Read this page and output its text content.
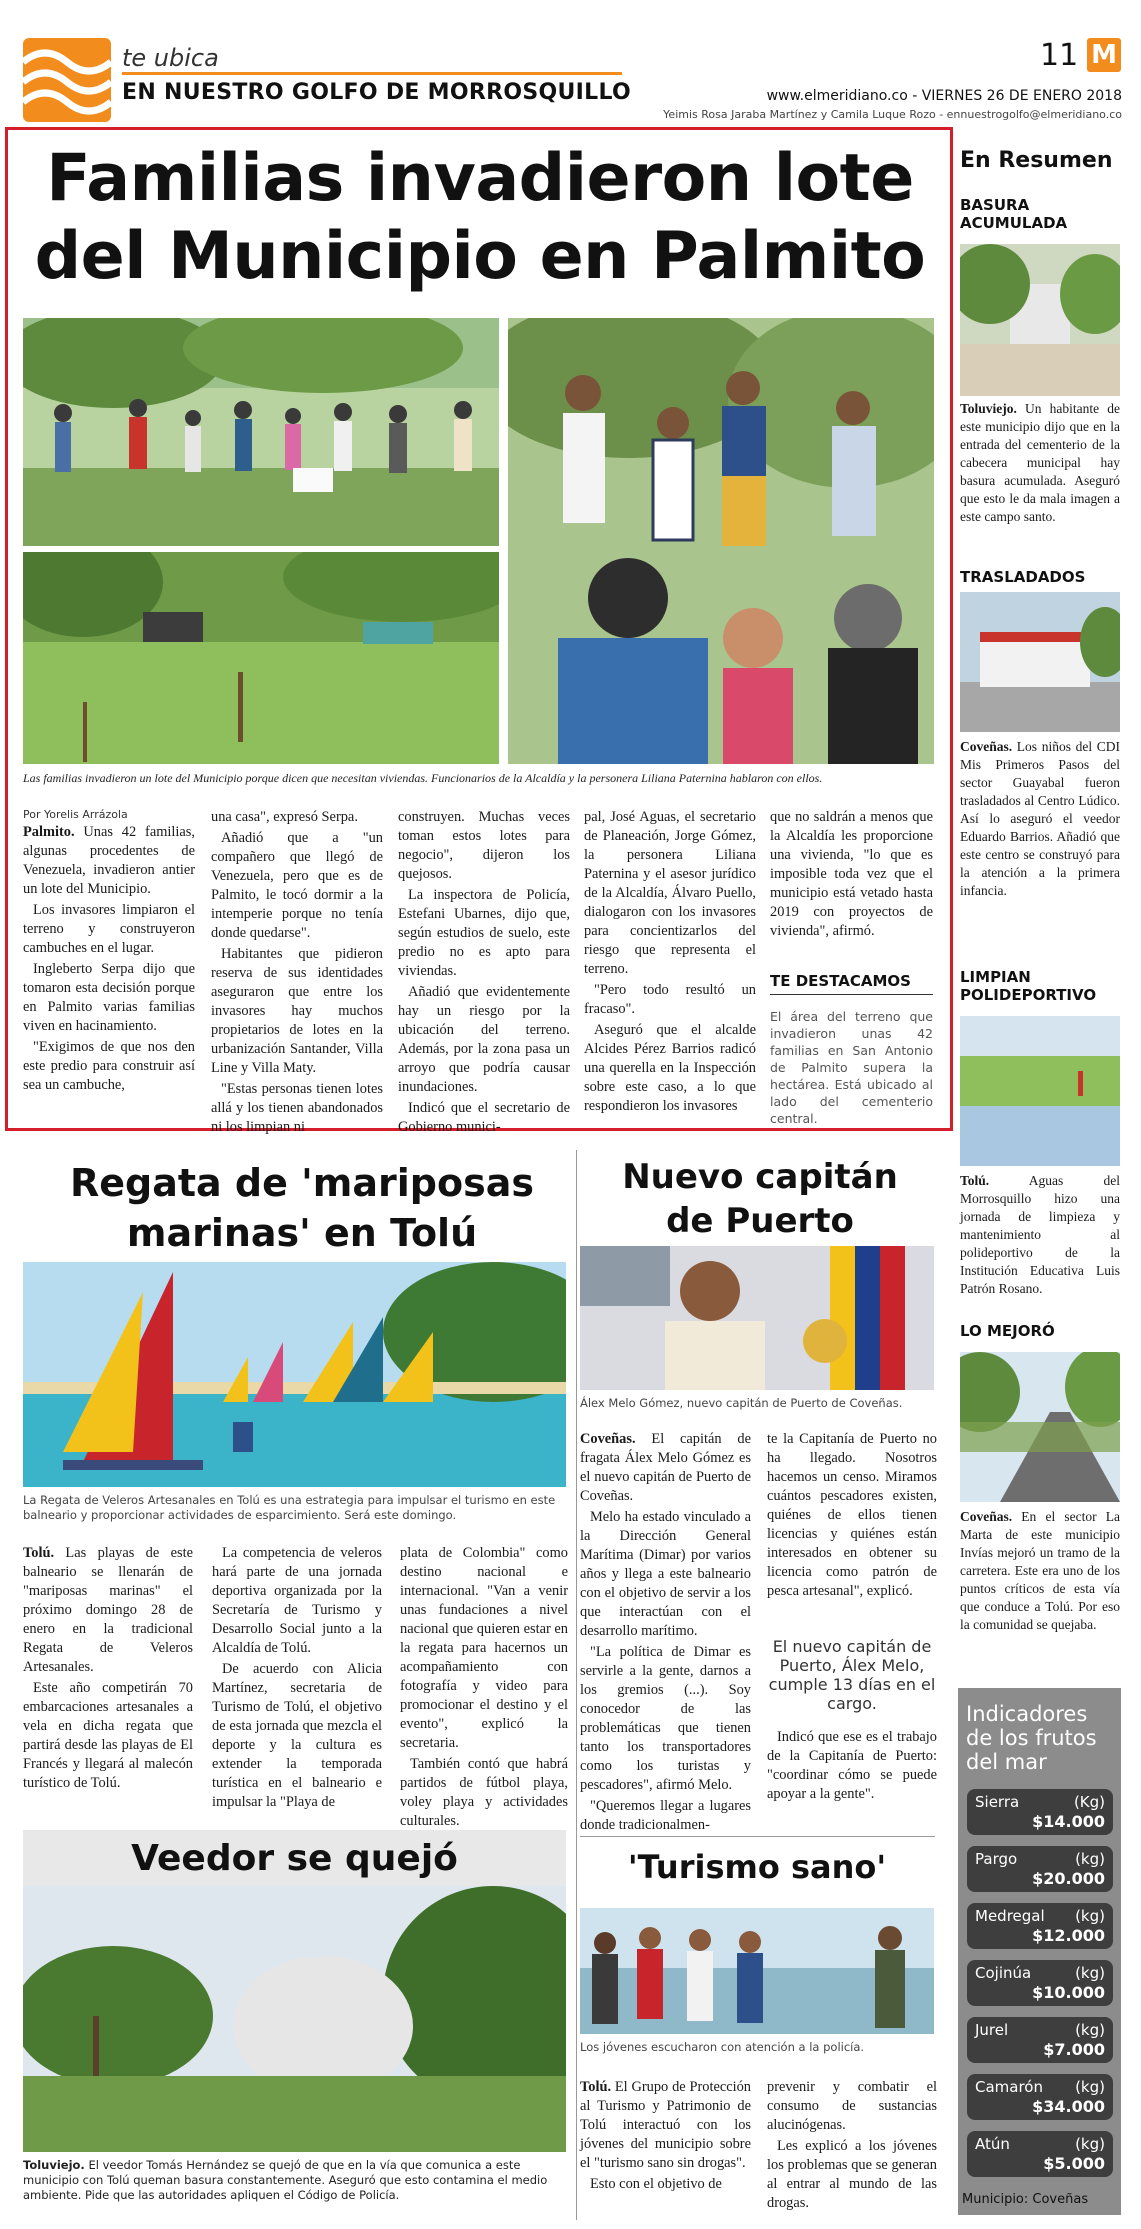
te ubica
EN NUESTRO GOLFO DE MORROSQUILLO
11 M
www.elmeridiano.co - VIERNES 26 DE ENERO 2018
Yeimis Rosa Jaraba Martínez y Camila Luque Rozo - ennuestrogolfo@elmeridiano.co
Familias invadieron lote
del Municipio en Palmito
Las familias invadieron un lote del Municipio porque dicen que necesitan viviendas. Funcionarios de la Alcaldía y la personera Liliana Paternina hablaron con ellos.
Por Yorelis Arrázola

Palmito. Unas 42 familias, algunas procedentes de Venezuela, invadieron antier un lote del Municipio.

Los invasores limpiaron el terreno y construyeron cambuches en el lugar.

Ingleberto Serpa dijo que tomaron esta decisión porque en Palmito varias familias viven en hacinamiento.

"Exigimos de que nos den este predio para construir así sea un cambuche,

una casa", expresó Serpa.

Añadió que a "un compañero que llegó de Venezuela, pero que es de Palmito, le tocó dormir a la intemperie porque no tenía donde quedarse".

Habitantes que pidieron reserva de sus identidades aseguraron que entre los invasores hay muchos propietarios de lotes en la urbanización Santander, Villa Line y Villa Maty.

"Estas personas tienen lotes allá y los tienen abandonados ni los limpian ni

construyen. Muchas veces toman estos lotes para negocio", dijeron los quejosos.

La inspectora de Policía, Estefani Ubarnes, dijo que, según estudios de suelo, este predio no es apto para viviendas.

Añadió que evidentemente hay un riesgo por la ubicación del terreno. Además, por la zona pasa un arroyo que podría causar inundaciones.

Indicó que el secretario de Gobierno munici-

pal, José Aguas, el secretario de Planeación, Jorge Gómez, la personera Liliana Paternina y el asesor jurídico de la Alcaldía, Álvaro Puello, dialogaron con los invasores para concientizarlos del riesgo que representa el terreno.

"Pero todo resultó un fracaso".

Aseguró que el alcalde Alcides Pérez Barrios radicó una querella en la Inspección sobre este caso, a lo que respondieron los invasores

que no saldrán a menos que la Alcaldía les proporcione una vivienda, "lo que es imposible toda vez que el municipio está vetado hasta 2019 con proyectos de vivienda", afirmó.

TE DESTACAMOS
El área del terreno que invadieron unas 42 familias en San Antonio de Palmito supera la hectárea. Está ubicado al lado del cementerio central.
En Resumen
BASURA ACUMULADA
Toluviejo. Un habitante de este municipio dijo que en la entrada del cementerio de la cabecera municipal hay basura acumulada. Aseguró que esto le da mala imagen a este campo santo.
TRASLADADOS
Coveñas. Los niños del CDI Mis Primeros Pasos del sector Guayabal fueron trasladados al Centro Lúdico. Así lo aseguró el veedor Eduardo Barrios. Añadió que este centro se construyó para la atención a la primera infancia.
LIMPIAN POLIDEPORTIVO
Tolú. Aguas del Morrosquillo hizo una jornada de limpieza y mantenimiento al polideportivo de la Institución Educativa Luis Patrón Rosano.
LO MEJORÓ
Coveñas. En el sector La Marta de este municipio Invías mejoró un tramo de la carretera. Este era uno de los puntos críticos de esta vía que conduce a Tolú. Por eso la comunidad se quejaba.
Indicadores de los frutos del mar
Sierra	(Kg)
$14.000
Pargo	(kg)
$20.000
Medregal (kg)
$12.000
Cojinúa	(kg)
$10.000
Jurel	(kg)
$7.000
Camarón (kg)
$34.000
Atún	(kg)
$5.000
Municipio: Coveñas
Regata de 'mariposas
marinas' en Tolú
La Regata de Veleros Artesanales en Tolú es una estrategia para impulsar el turismo en este balneario y proporcionar actividades de esparcimiento. Será este domingo.

Tolú. Las playas de este balneario se llenarán de "mariposas marinas" el próximo domingo 28 de enero en la tradicional Regata de Veleros Artesanales.

Este año competirán 70 embarcaciones artesanales a vela en dicha regata que partirá desde las playas de El Francés y llegará al malecón turístico de Tolú.

La competencia de veleros hará parte de una jornada deportiva organizada por la Secretaría de Turismo y Desarrollo Social junto a la Alcaldía de Tolú.

De acuerdo con Alicia Martínez, secretaria de Turismo de Tolú, el objetivo de esta jornada que mezcla el deporte y la cultura es extender la temporada turística en el balneario e impulsar la "Playa de

plata de Colombia" como destino nacional e internacional. "Van a venir unas fundaciones a nivel nacional que quieren estar en la regata para hacernos un acompañamiento con fotografía y video para promocionar el destino y el evento", explicó la secretaria.

También contó que habrá partidos de fútbol playa, voley playa y actividades culturales.

Nuevo capitán
de Puerto
Álex Melo Gómez, nuevo capitán de Puerto de Coveñas.

Coveñas. El capitán de fragata Álex Melo Gómez es el nuevo capitán de Puerto de Coveñas.

Melo ha estado vinculado a la Dirección General Marítima (Dimar) por varios años y llega a este balneario con el objetivo de servir a los que interactúan con el desarrollo marítimo.

"La política de Dimar es servirle a la gente, darnos a los gremios (...). Soy conocedor de las problemáticas que tienen tanto los transportadores como los turistas y pescadores", afirmó Melo.

"Queremos llegar a lugares donde tradicionalmen-

te la Capitanía de Puerto no ha llegado. Nosotros hacemos un censo. Miramos cuántos pescadores existen, quiénes de ellos tienen licencias y quiénes están interesados en obtener su licencia como patrón de pesca artesanal", explicó.

El nuevo capitán de Puerto, Álex Melo, cumple 13 días en el cargo.

Indicó que ese es el trabajo de la Capitanía de Puerto: "coordinar cómo se puede apoyar a la gente".

Veedor se quejó
Toluviejo. El veedor Tomás Hernández se quejó de que en la vía que comunica a este municipio con Tolú queman basura constantemente. Aseguró que esto contamina el medio ambiente. Pide que las autoridades apliquen el Código de Policía.
'Turismo sano'
Los jóvenes escucharon con atención a la policía.

Tolú. El Grupo de Protección al Turismo y Patrimonio de Tolú interactuó con los jóvenes del municipio sobre el "turismo sano sin drogas".

Esto con el objetivo de

prevenir y combatir el consumo de sustancias alucinógenas.

Les explicó a los jóvenes los problemas que se generan al entrar al mundo de las drogas.
